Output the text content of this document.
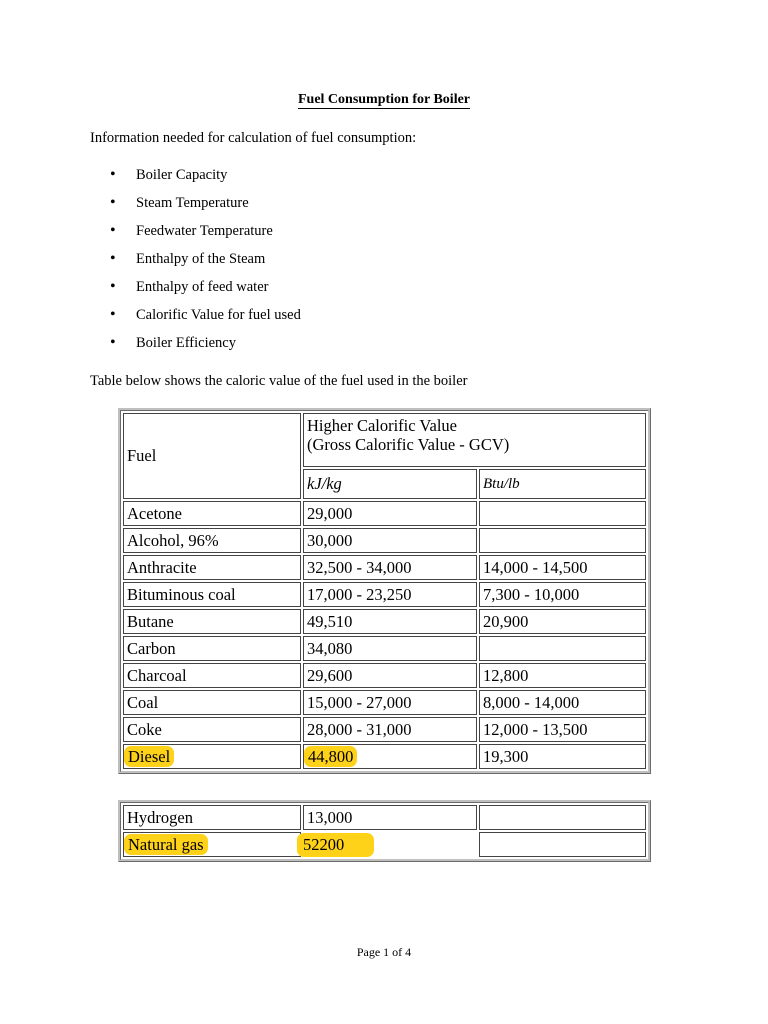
Fuel Consumption for Boiler
Information needed for calculation of fuel consumption:
• Boiler Capacity
• Steam Temperature
• Feedwater Temperature
• Enthalpy of the Steam
• Enthalpy of feed water
• Calorific Value for fuel used
• Boiler Efficiency
Table below shows the caloric value of the fuel used in the boiler
Fuel	Higher Calorific Value
(Gross Calorific Value - GCV)	

	kJ/kg	Btu/lb
Acetone	29,000	
Alcohol, 96%	30,000	
Anthracite	32,500 - 34,000	14,000 - 14,500
Bituminous coal	17,000 - 23,250	7,300 - 10,000
Butane	49,510	20,900
Carbon	34,080	
Charcoal	29,600	12,800
Coal	15,000 - 27,000	8,000 - 14,000
Coke	28,000 - 31,000	12,000 - 13,500
Diesel	44,800	19,300
Hydrogen	13,000	
Natural gas	52200	
Page 1 of 4
